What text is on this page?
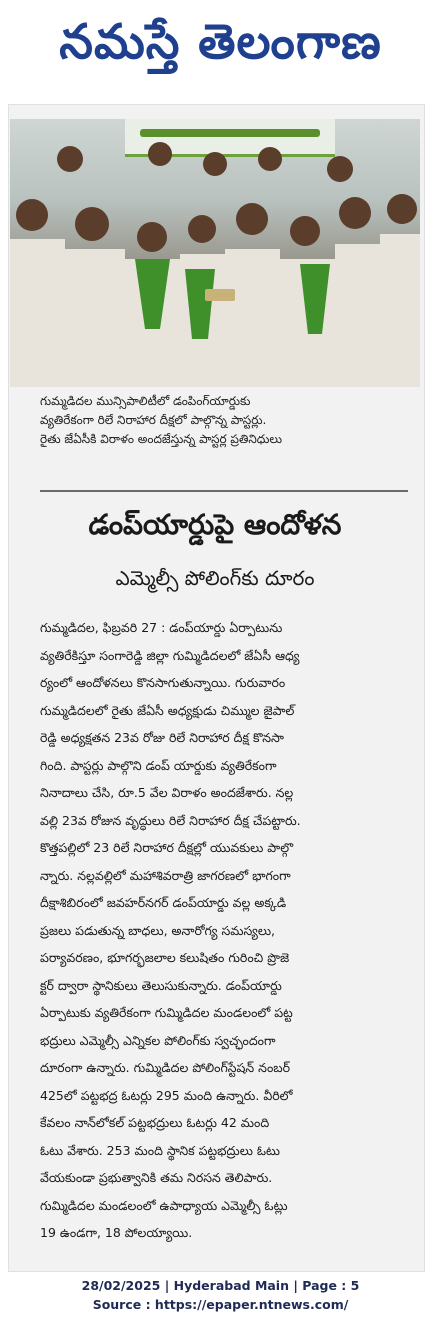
నమస్తే తెలంగాణ
గుమ్మడిదల మున్సిపాలిటీలో డంపింగ్‌యార్డుకు
వ్యతిరేకంగా రిలే నిరాహార దీక్షలో పాల్గొన్న పాస్టర్లు.
రైతు జేఏసీకి విరాళం అందజేస్తున్న పాస్టర్ల ప్రతినిధులు
డంప్‌యార్డుపై ఆందోళన
ఎమ్మెల్సీ పోలింగ్‌కు దూరం
గుమ్మడిదల, ఫిబ్రవరి 27 : డంప్‌యార్డు ఏర్పాటును
వ్యతిరేకిస్తూ సంగారెడ్డి జిల్లా గుమ్మిడిదలలో జేఏసీ ఆధ్య
ర్యంలో ఆందోళనలు కొనసాగుతున్నాయి. గురువారం
గుమ్మడిదలలో రైతు జేఏసీ అధ్యక్షుడు చిమ్ముల జైపాల్
రెడ్డి అధ్యక్షతన 23వ రోజు రిలే నిరాహార దీక్ష కొనసా
గింది. పాస్టర్లు పాల్గొని డంప్ యార్డుకు వ్యతిరేకంగా
నినాదాలు చేసి, రూ.5 వేల విరాళం అందజేశారు. నల్ల
వల్లి 23వ రోజున వృద్ధులు రిలే నిరాహార దీక్ష చేపట్టారు.
కొత్తపల్లిలో 23 రిలే నిరాహార దీక్షల్లో యువకులు పాల్గొ
న్నారు. నల్లవల్లిలో మహాశివరాత్రి జాగరణలో భాగంగా
దీక్షాశిబిరంలో జవహర్‌నగర్ డంప్‌యార్డు వల్ల అక్కడి
ప్రజలు పడుతున్న బాధలు, అనారోగ్య సమస్యలు,
పర్యావరణం, భూగర్భజలాల కలుషితం గురించి ప్రొజె
క్టర్ ద్వారా స్థానికులు తెలుసుకున్నారు. డంప్‌యార్డు
ఏర్పాటుకు వ్యతిరేకంగా గుమ్మిడిదల మండలంలో పట్ట
భద్రులు ఎమ్మెల్సీ ఎన్నికల పోలింగ్‌కు స్వచ్ఛందంగా
దూరంగా ఉన్నారు. గుమ్మిడిదల పోలింగ్‌స్టేషన్ నంబర్
425లో పట్టభద్ర ఓటర్లు 295 మంది ఉన్నారు. వీరిలో
కేవలం నాన్‌లోకల్ పట్టభద్రులు ఓటర్లు 42 మంది
ఓటు వేశారు. 253 మంది స్థానిక పట్టభద్రులు ఓటు
వేయకుండా ప్రభుత్వానికి తమ నిరసన తెలిపారు.
గుమ్మిడిదల మండలంలో ఉపాధ్యాయ ఎమ్మెల్సీ ఓట్లు
19 ఉండగా, 18 పోలయ్యాయి.
28/02/2025 | Hyderabad Main | Page : 5
Source : https://epaper.ntnews.com/
